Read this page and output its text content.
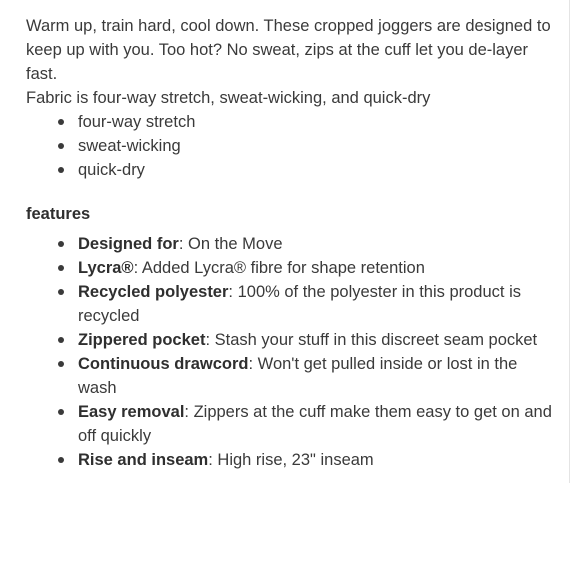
Warm up, train hard, cool down. These cropped joggers are designed to keep up with you. Too hot? No sweat, zips at the cuff let you de-layer fast.

Fabric is four-way stretch, sweat-wicking, and quick-dry

four-way stretch
sweat-wicking
quick-dry
features
Designed for: On the Move
Lycra®: Added Lycra® fibre for shape retention
Recycled polyester: 100% of the polyester in this product is recycled
Zippered pocket: Stash your stuff in this discreet seam pocket
Continuous drawcord: Won't get pulled inside or lost in the wash
Easy removal: Zippers at the cuff make them easy to get on and off quickly
Rise and inseam: High rise, 23" inseam
